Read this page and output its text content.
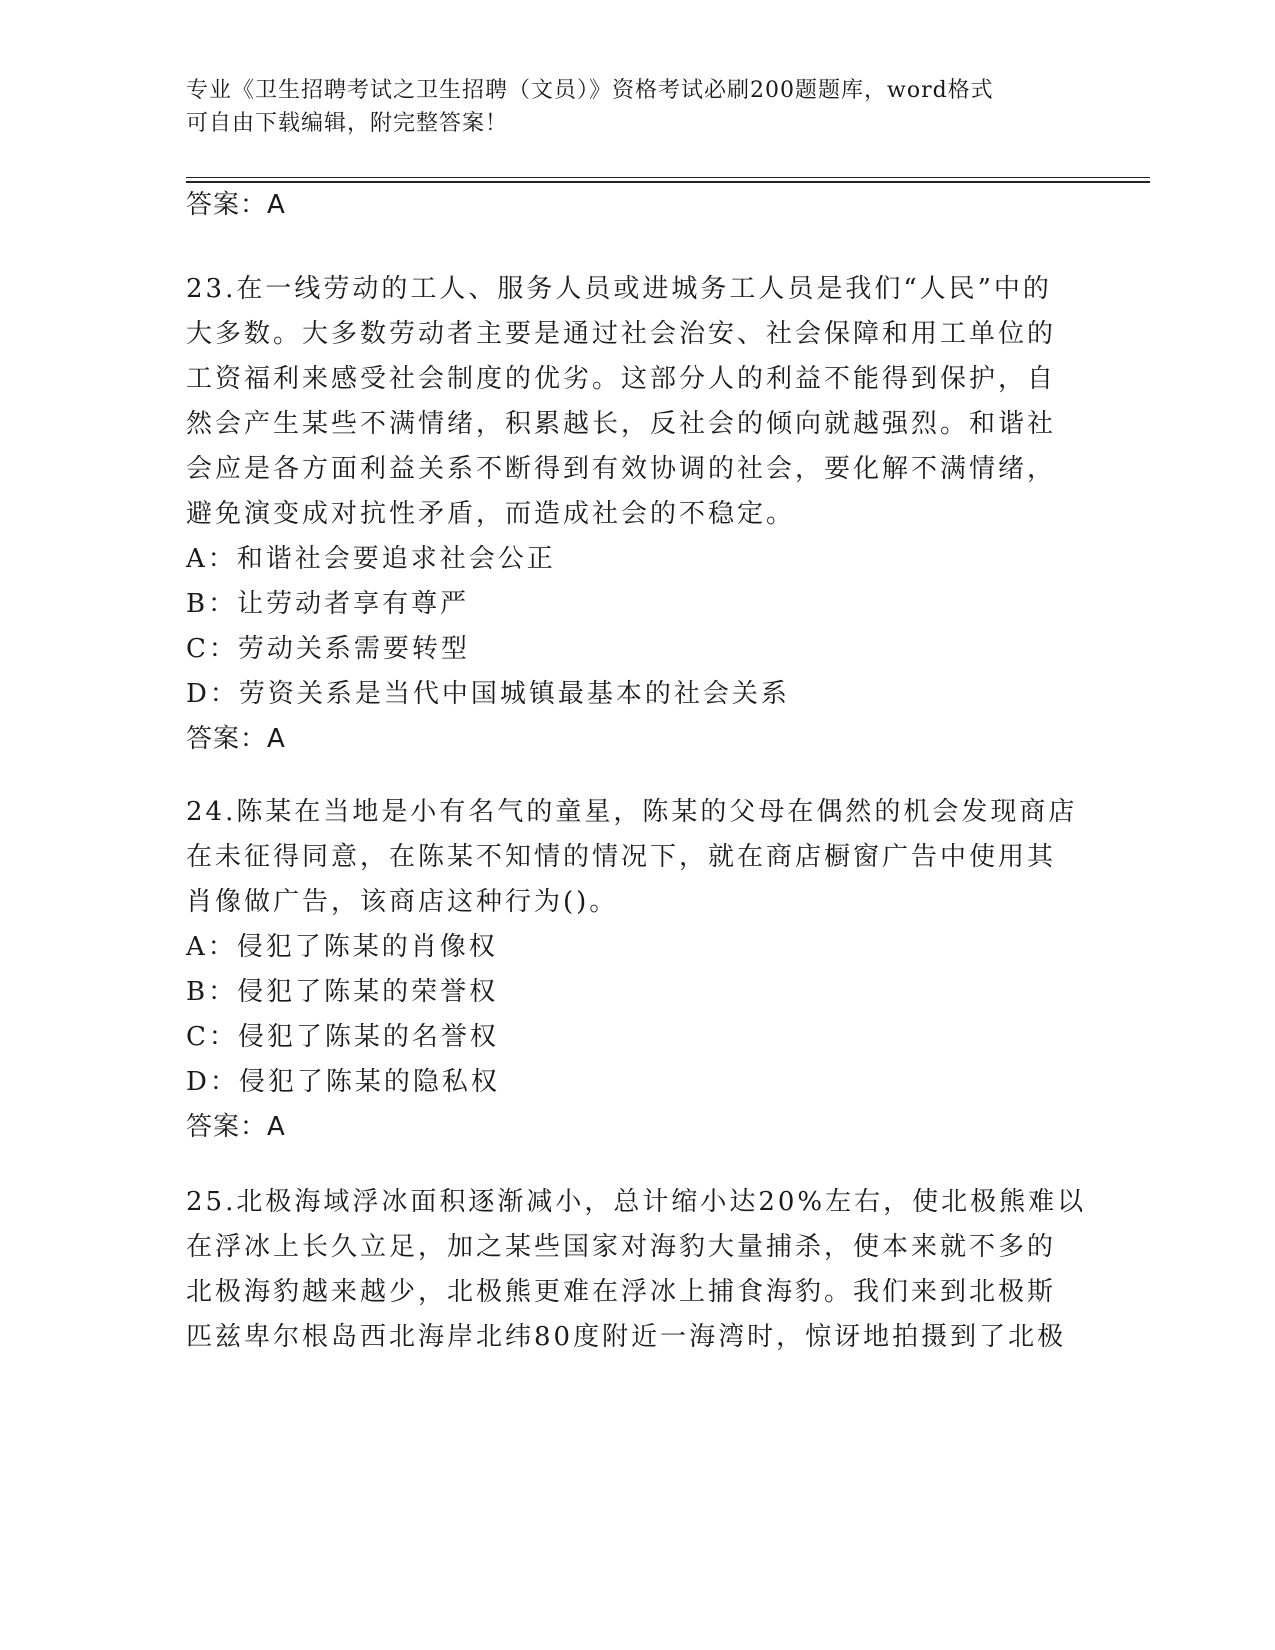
专业《卫生招聘考试之卫生招聘（文员）》资格考试必刷200题题库，word格式
可自由下载编辑，附完整答案！
答案：A
23.在一线劳动的工人、服务人员或进城务工人员是我们“人民”中的
大多数。大多数劳动者主要是通过社会治安、社会保障和用工单位的
工资福利来感受社会制度的优劣。这部分人的利益不能得到保护，自
然会产生某些不满情绪，积累越长，反社会的倾向就越强烈。和谐社
会应是各方面利益关系不断得到有效协调的社会，要化解不满情绪，
避免演变成对抗性矛盾，而造成社会的不稳定。
A：和谐社会要追求社会公正
B：让劳动者享有尊严
C：劳动关系需要转型
D：劳资关系是当代中国城镇最基本的社会关系
答案：A
24.陈某在当地是小有名气的童星，陈某的父母在偶然的机会发现商店
在未征得同意，在陈某不知情的情况下，就在商店橱窗广告中使用其
肖像做广告，该商店这种行为()。
A：侵犯了陈某的肖像权
B：侵犯了陈某的荣誉权
C：侵犯了陈某的名誉权
D：侵犯了陈某的隐私权
答案：A
25.北极海域浮冰面积逐渐减小，总计缩小达20%左右，使北极熊难以
在浮冰上长久立足，加之某些国家对海豹大量捕杀，使本来就不多的
北极海豹越来越少，北极熊更难在浮冰上捕食海豹。我们来到北极斯
匹兹卑尔根岛西北海岸北纬80度附近一海湾时，惊讶地拍摄到了北极
